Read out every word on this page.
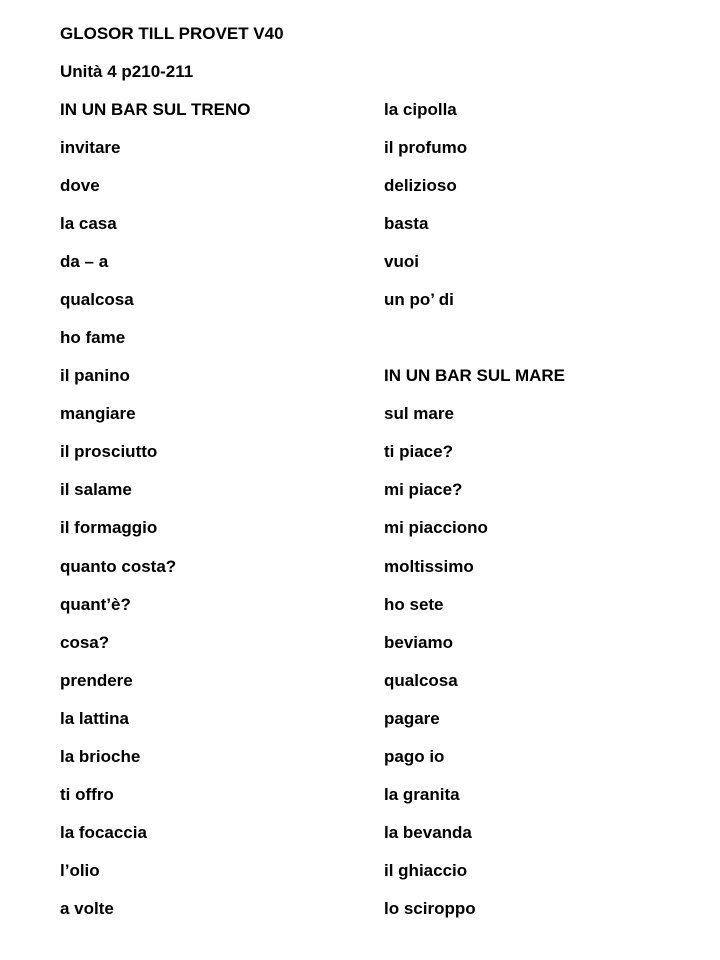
GLOSOR TILL PROVET V40
Unità 4 p210-211
IN UN BAR SUL TRENO
invitare
dove
la casa
da – a
qualcosa
ho fame
il panino
mangiare
il prosciutto
il salame
il formaggio
quanto costa?
quant’è?
cosa?
prendere
la lattina
la brioche
ti offro
la focaccia
l’olio
a volte
la cipolla
il profumo
delizioso
basta
vuoi
un po’ di
IN UN BAR SUL MARE
sul mare
ti piace?
mi piace?
mi piacciono
moltissimo
ho sete
beviamo
qualcosa
pagare
pago io
la granita
la bevanda
il ghiaccio
lo sciroppo
